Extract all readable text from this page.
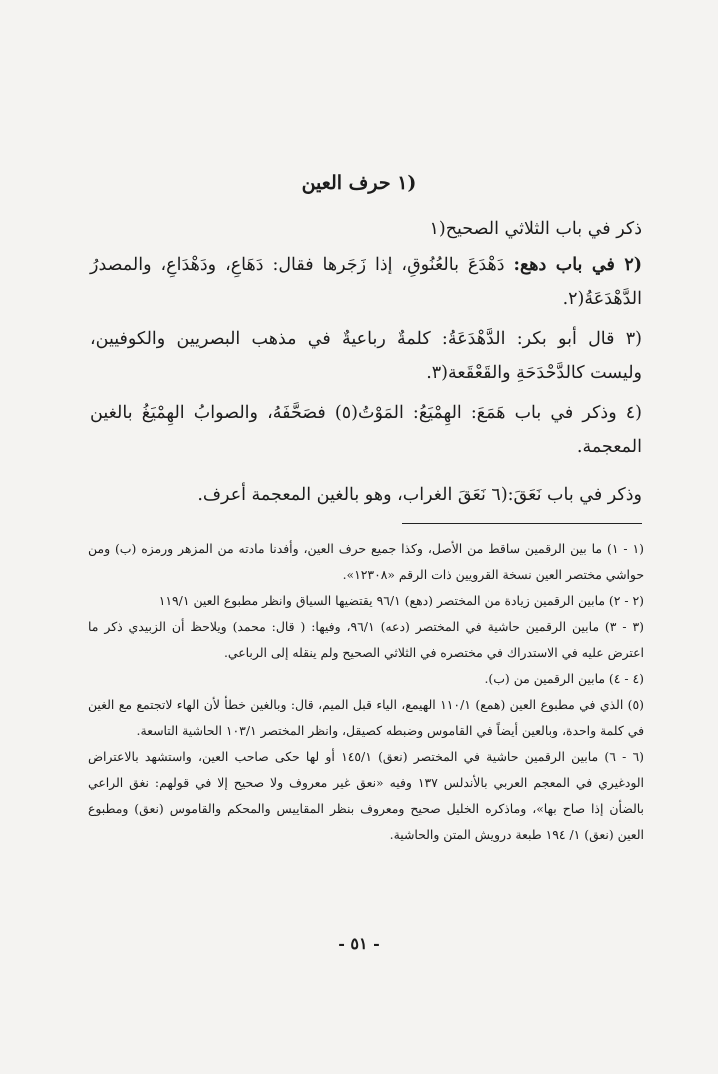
(١ حرف العين

ذكر في باب الثلاثي الصحيح(١

(٢ في باب دهع: دَهْدَعَ بالعُنُوقِ، إذا زَجَرها فقال: دَهَاعِ، ودَهْدَاعِ، والمصدرُ الدَّهْدَعَةُ(٢.

(٣ قال أبو بكر: الدَّهْدَعَةُ: كلمةٌ رباعيةٌ في مذهب البصريين والكوفيين، وليست كالدَّحْدَحَةِ والقَعْقَعة(٣.

(٤ وذكر في باب هَمَعَ: الهِمْيَعُ: المَوْتُ(٥) فصَحَّفَهُ، والصوابُ الهِمْيَغُ بالغين المعجمة.

وذكر في باب نَعَقَ:(٦ نَعَقَ الغراب، وهو بالغين المعجمة أعرف.

(١ - ١) ما بين الرقمين ساقط من الأصل، وكذا جميع حرف العين، وأفدنا مادته من المزهر ورمزه (ب) ومن حواشي مختصر العين نسخة القرويين ذات الرقم «١٢٣٠٨».

(٢ - ٢) مابين الرقمين زيادة من المختصر (دهع) ٩٦/١ يقتضيها السياق وانظر مطبوع العين ١١٩/١

(٣ - ٣) مابين الرقمين حاشية في المختصر (دعه) ٩٦/١، وفيها: ( قال: محمد) ويلاحظ أن الزبيدي ذكر ما اعترض عليه في الاستدراك في مختصره في الثلاثي الصحيح ولم ينقله إلى الرباعي.

(٤ - ٤) مابين الرقمين من (ب).

(٥) الذي في مطبوع العين (همع) ١١٠/١ الهيمع، الياء قبل الميم، قال: وبالغين خطأ لأن الهاء لاتجتمع مع الغين في كلمة واحدة، وبالعين أيضاً في القاموس وضبطه كصيقل، وانظر المختصر ١٠٣/١ الحاشية التاسعة.

(٦ - ٦) مابين الرقمين حاشية في المختصر (نعق) ١٤٥/١ أو لها حكى صاحب العين، واستشهد بالاعتراض الودغيري في المعجم العربي بالأندلس ١٣٧ وفيه «نعق غير معروف ولا صحيح إلا في قولهم: نغق الراعي بالضأن إذا صاح بها»، وماذكره الخليل صحيح ومعروف بنظر المقاييس والمحكم والقاموس (نعق) ومطبوع العين (نعق) ١/ ١٩٤ طبعة درويش المتن والحاشية.

- ٥١ -
